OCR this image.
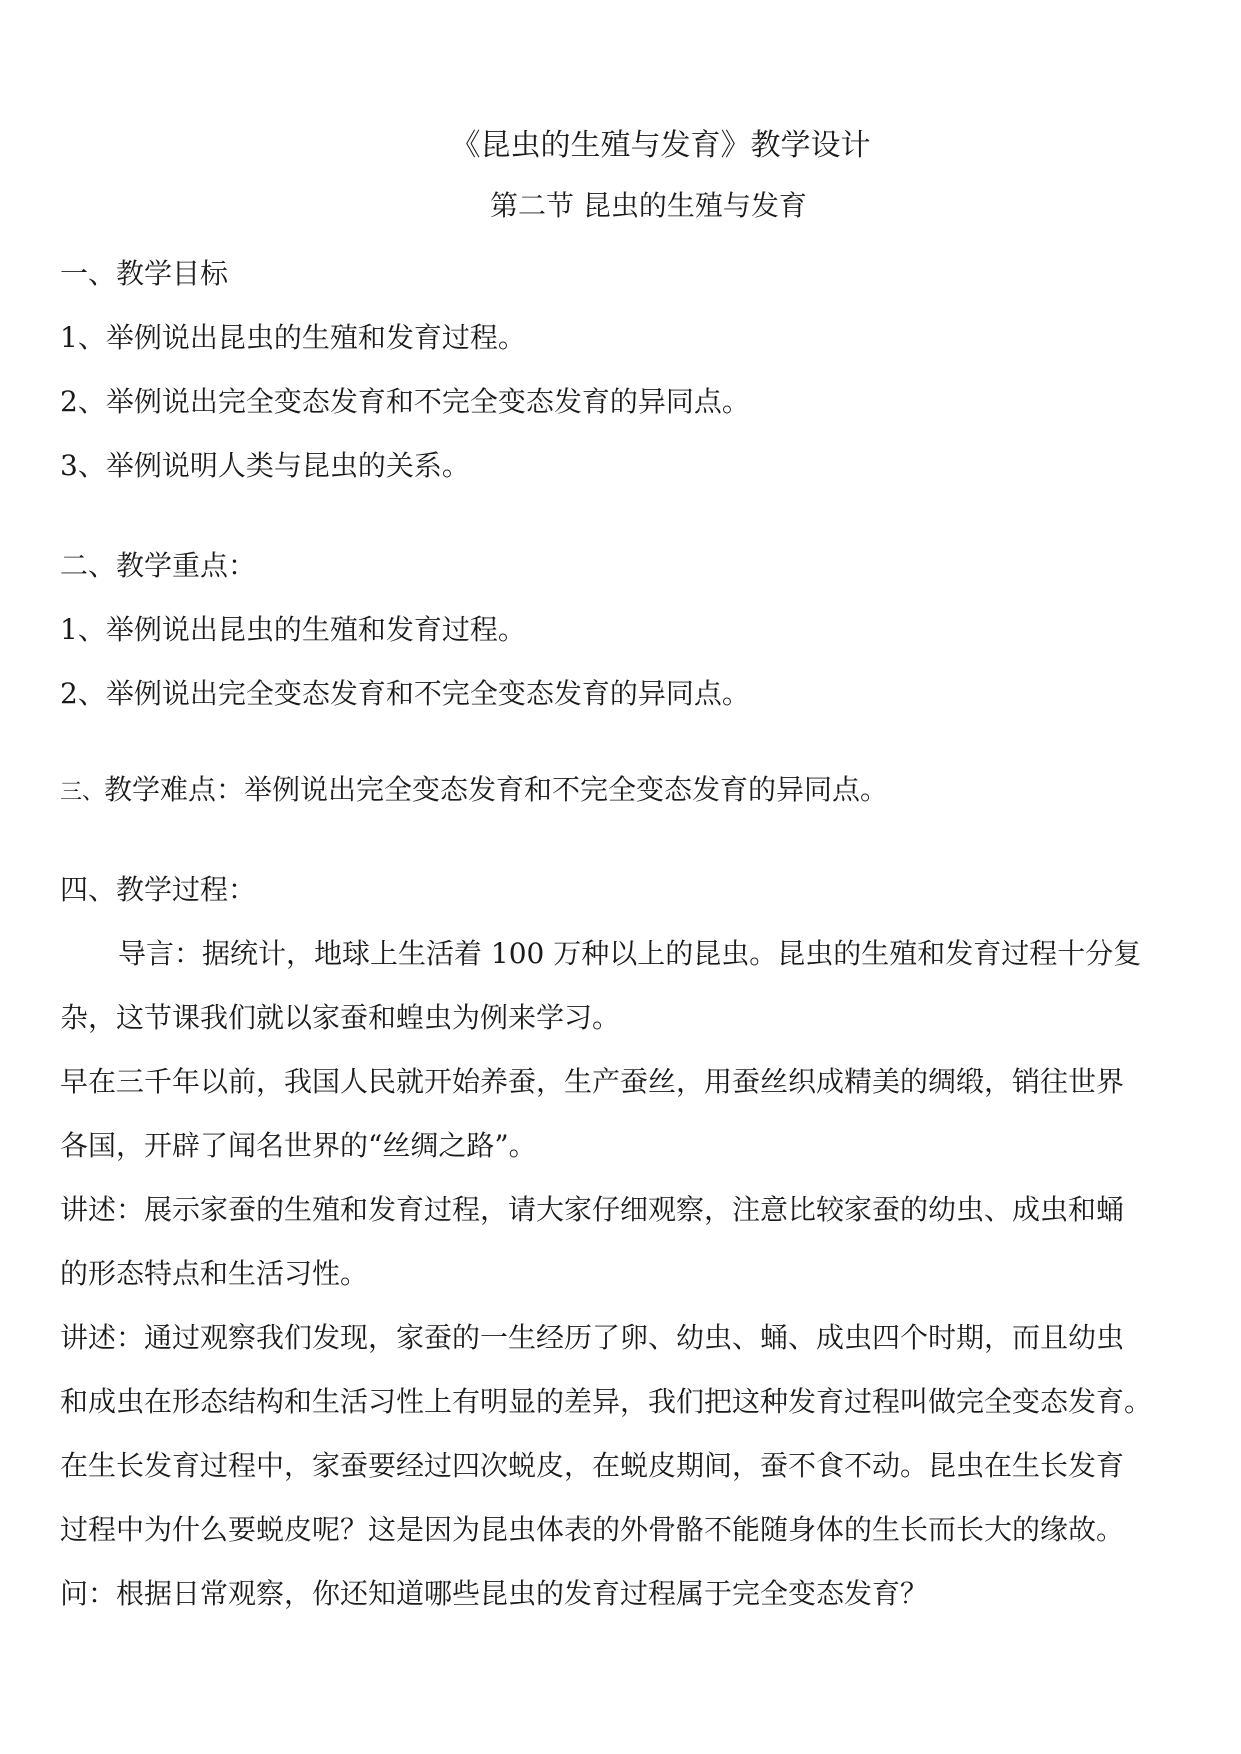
《昆虫的生殖与发育》教学设计
第二节 昆虫的生殖与发育
一、教学目标
1、举例说出昆虫的生殖和发育过程。
2、举例说出完全变态发育和不完全变态发育的异同点。
3、举例说明人类与昆虫的关系。
二、教学重点：
1、举例说出昆虫的生殖和发育过程。
2、举例说出完全变态发育和不完全变态发育的异同点。
三、教学难点：举例说出完全变态发育和不完全变态发育的异同点。
四、教学过程：
导言：据统计，地球上生活着 100 万种以上的昆虫。昆虫的生殖和发育过程十分复
杂，这节课我们就以家蚕和蝗虫为例来学习。
早在三千年以前，我国人民就开始养蚕，生产蚕丝，用蚕丝织成精美的绸缎，销往世界
各国，开辟了闻名世界的“丝绸之路”。
讲述：展示家蚕的生殖和发育过程，请大家仔细观察，注意比较家蚕的幼虫、成虫和蛹
的形态特点和生活习性。
讲述：通过观察我们发现，家蚕的一生经历了卵、幼虫、蛹、成虫四个时期，而且幼虫
和成虫在形态结构和生活习性上有明显的差异，我们把这种发育过程叫做完全变态发育。
在生长发育过程中，家蚕要经过四次蜕皮，在蜕皮期间，蚕不食不动。昆虫在生长发育
过程中为什么要蜕皮呢？这是因为昆虫体表的外骨骼不能随身体的生长而长大的缘故。
问：根据日常观察，你还知道哪些昆虫的发育过程属于完全变态发育？
